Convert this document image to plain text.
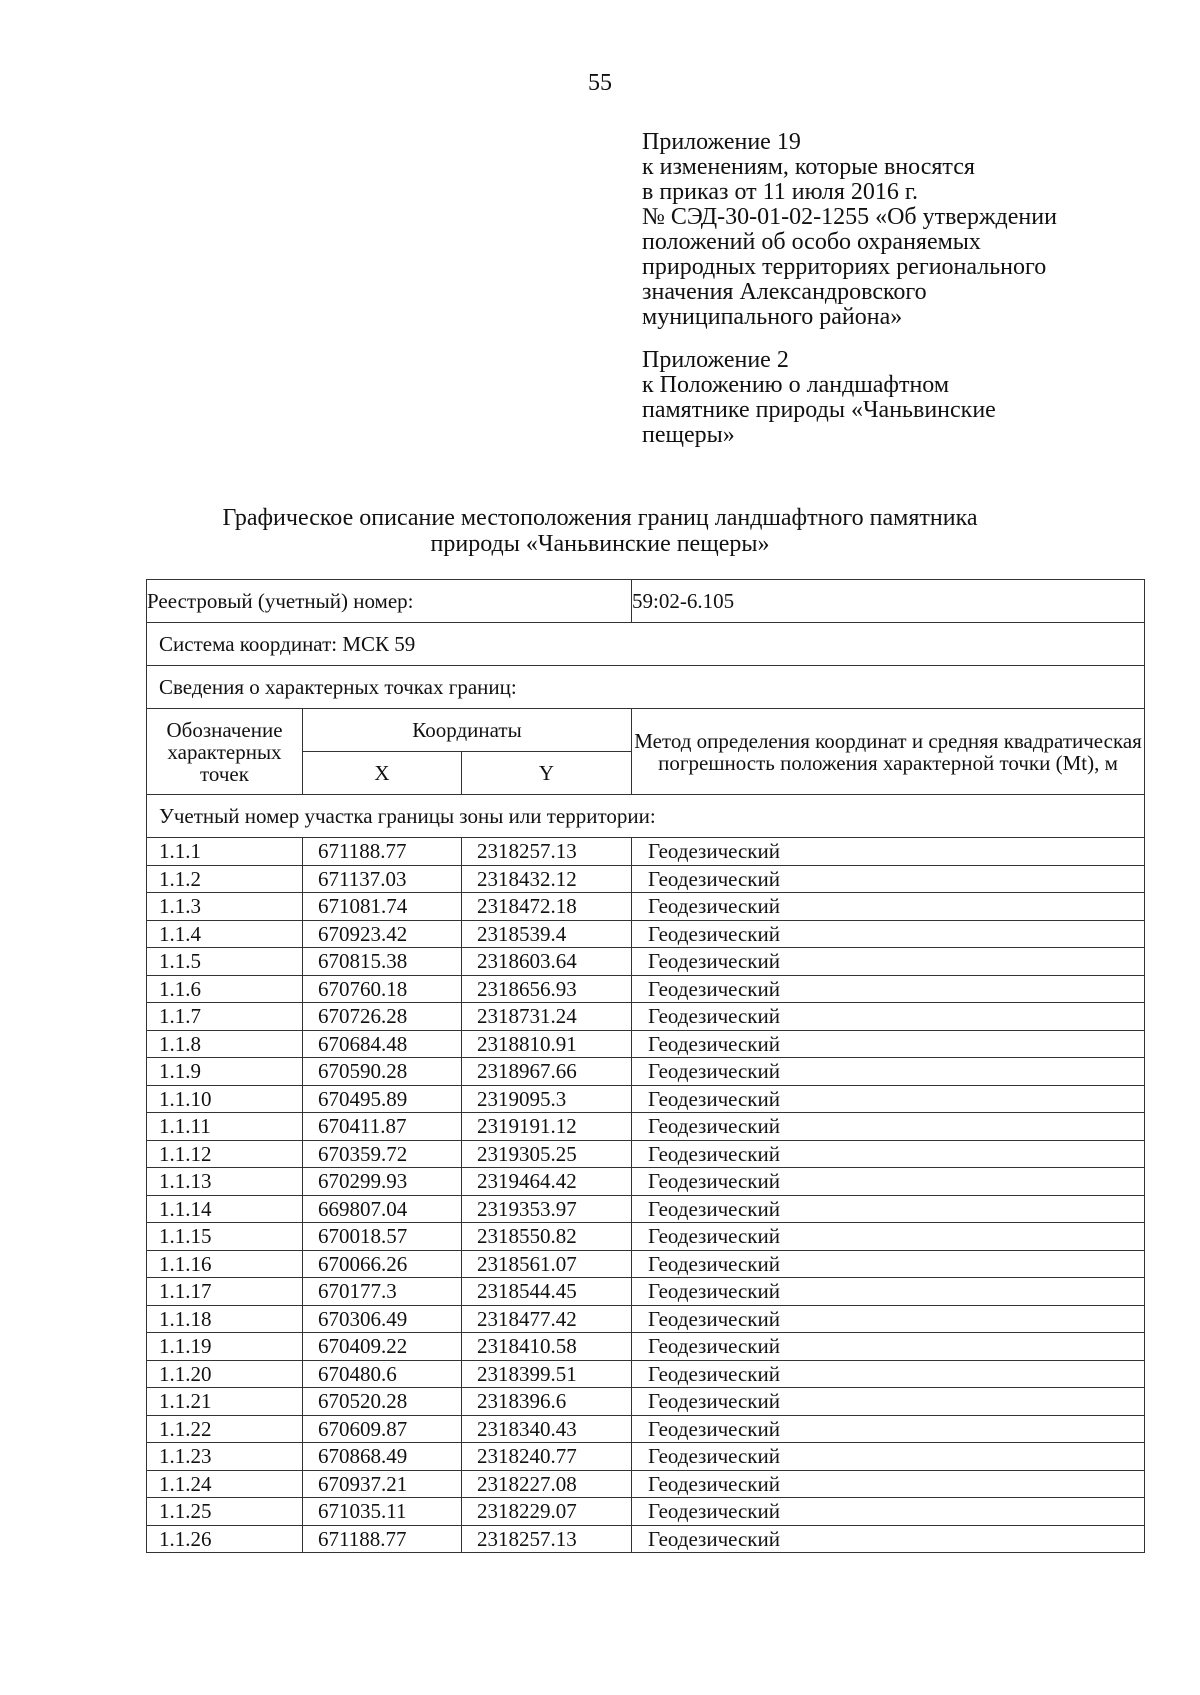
55
Приложение 19
к изменениям, которые вносятся
в приказ от 11 июля 2016 г.
№ СЭД-30-01-02-1255 «Об утверждении
положений об особо охраняемых
природных территориях регионального
значения Александровского
муниципального района»
Приложение 2
к Положению о ландшафтном
памятнике природы «Чаньвинские
пещеры»
Графическое описание местоположения границ ландшафтного памятника
природы «Чаньвинские пещеры»
Реестровый (учетный) номер:			59:02-6.105
Система координат: МСК 59			
Сведения о характерных точках границ:			
Обозначение характерных точек	Координаты		Метод определения координат и средняя квадратическая погрешность положения характерной точки (Mt), м
	X	Y	
Учетный номер участка границы зоны или территории:			
1.1.1	671188.77	2318257.13	Геодезический
1.1.2	671137.03	2318432.12	Геодезический
1.1.3	671081.74	2318472.18	Геодезический
1.1.4	670923.42	2318539.4	Геодезический
1.1.5	670815.38	2318603.64	Геодезический
1.1.6	670760.18	2318656.93	Геодезический
1.1.7	670726.28	2318731.24	Геодезический
1.1.8	670684.48	2318810.91	Геодезический
1.1.9	670590.28	2318967.66	Геодезический
1.1.10	670495.89	2319095.3	Геодезический
1.1.11	670411.87	2319191.12	Геодезический
1.1.12	670359.72	2319305.25	Геодезический
1.1.13	670299.93	2319464.42	Геодезический
1.1.14	669807.04	2319353.97	Геодезический
1.1.15	670018.57	2318550.82	Геодезический
1.1.16	670066.26	2318561.07	Геодезический
1.1.17	670177.3	2318544.45	Геодезический
1.1.18	670306.49	2318477.42	Геодезический
1.1.19	670409.22	2318410.58	Геодезический
1.1.20	670480.6	2318399.51	Геодезический
1.1.21	670520.28	2318396.6	Геодезический
1.1.22	670609.87	2318340.43	Геодезический
1.1.23	670868.49	2318240.77	Геодезический
1.1.24	670937.21	2318227.08	Геодезический
1.1.25	671035.11	2318229.07	Геодезический
1.1.26	671188.77	2318257.13	Геодезический
